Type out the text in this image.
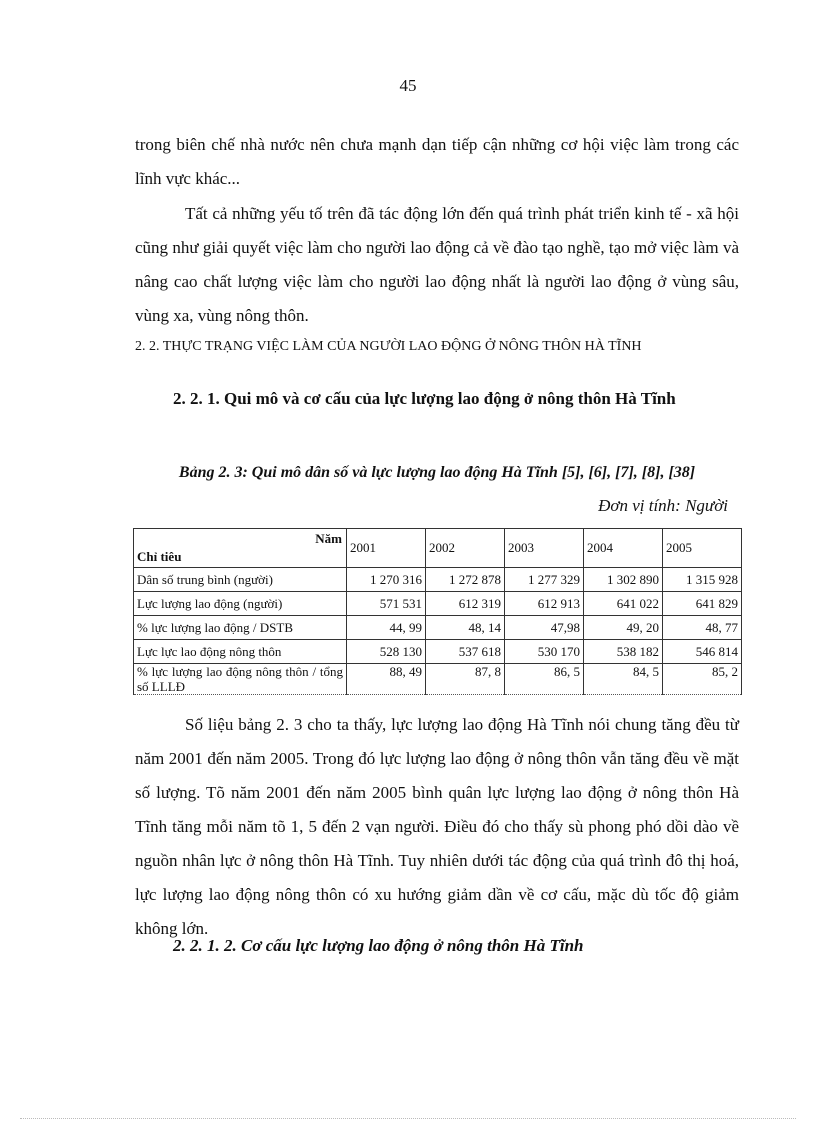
45

trong biên chế nhà nước nên chưa mạnh dạn tiếp cận những cơ hội việc làm trong các lĩnh vực khác...

Tất cả những yếu tố trên đã tác động lớn đến quá trình phát triển kinh tế - xã hội cũng như giải quyết việc làm cho người lao động cả về đào tạo nghề, tạo mở việc làm và nâng cao chất lượng việc làm cho người lao động nhất là người lao động ở vùng sâu, vùng xa, vùng nông thôn.

2. 2. THỰC TRẠNG VIỆC LÀM CỦA NGƯỜI LAO ĐỘNG Ở NÔNG THÔN HÀ TĨNH

2. 2. 1. Qui mô và cơ cấu của lực lượng lao động ở nông thôn Hà Tĩnh

Bảng 2. 3: Qui mô dân số và lực lượng lao động Hà Tĩnh [5], [6], [7], [8], [38]

Đơn vị tính: Người
Năm
Chỉ tiêu	2001	2002	2003	2004	2005
Dân số trung bình (người)	1 270 316	1 272 878	1 277 329	1 302 890	1 315 928
Lực lượng lao động (người)	571 531	612 319	612 913	641 022	641 829
% lực lượng lao động / DSTB	44, 99	48, 14	47,98	49, 20	48, 77
Lực lực lao động nông thôn	528 130	537 618	530 170	538 182	546 814
% lực lượng lao động nông thôn / tổng số LLLĐ	88, 49	87, 8	86, 5	84, 5	85, 2

Số liệu bảng 2. 3 cho ta thấy, lực lượng lao động Hà Tĩnh nói chung tăng đều từ năm 2001 đến năm 2005. Trong đó lực lượng lao động ở nông thôn vẫn tăng đều về mặt số lượng. Tõ năm 2001 đến năm 2005 bình quân lực lượng lao động ở nông thôn Hà Tĩnh tăng mỗi năm tõ 1, 5 đến 2 vạn người. Điều đó cho thấy sù phong phó dồi dào về nguồn nhân lực ở nông thôn Hà Tĩnh. Tuy nhiên dưới tác động của quá trình đô thị hoá, lực lượng lao động nông thôn có xu hướng giảm dần về cơ cấu, mặc dù tốc độ giảm không lớn.

2. 2. 1. 2. Cơ cấu lực lượng lao động ở nông thôn Hà Tĩnh
